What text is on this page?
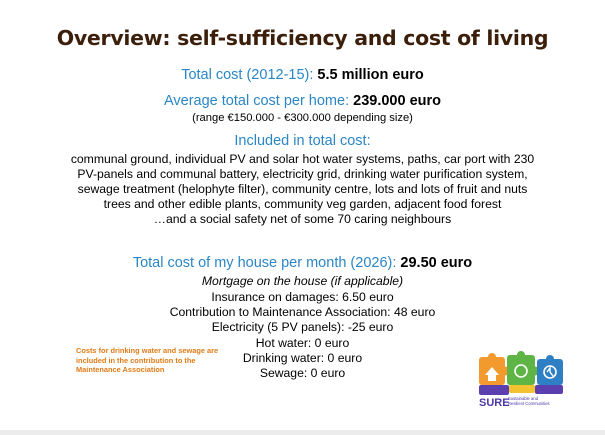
Overview: self-sufficiency and cost of living
Total cost (2012-15): 5.5 million euro
Average total cost per home: 239.000 euro
(range €150.000 - €300.000 depending size)
Included in total cost:
communal ground, individual PV and solar hot water systems, paths, car port with 230
PV-panels and communal battery, electricity grid, drinking water purification system,
sewage treatment (helophyte filter), community centre, lots and lots of fruit and nuts
trees and other edible plants, community veg garden, adjacent food forest
…and a social safety net of some 70 caring neighbours
Total cost of my house per month (2026): 29.50 euro
Mortgage on the house (if applicable)
Insurance on damages: 6.50 euro
Contribution to Maintenance Association: 48 euro
Electricity (5 PV panels): -25 euro
Hot water: 0 euro
Drinking water: 0 euro
Sewage: 0 euro
Costs for drinking water and sewage are
included in the contribution to the
Maintenance Association
SURE
Sustainable and
Resilient Communities
